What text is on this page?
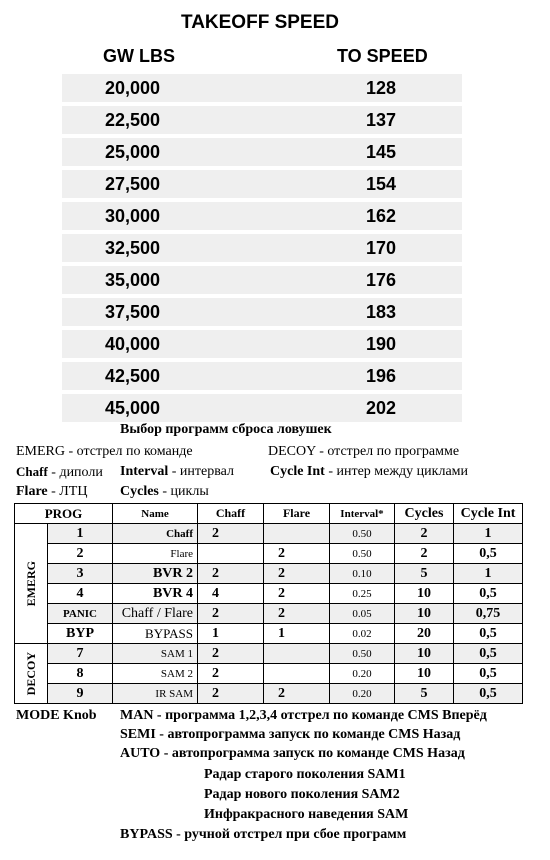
TAKEOFF SPEED
GW LBS	TO SPEED
20,000	128
22,500	137
25,000	145
27,500	154
30,000	162
32,500	170
35,000	176
37,500	183
40,000	190
42,500	196
45,000	202
Выбор программ сброса ловушек
EMERG - отстрел по команде	DECOY - отстрел по программе
Chaff - диполи Interval - интервал	Cycle Int - интер между циклами
Flare - ЛТЦ Cycles - циклы
PROG		Name	Chaff	Flare	Interval*	Cycles	Cycle Int

EMERG	1	Chaff	2		0.50	2	1
	2	Flare		2	0.50	2	0,5
	3	BVR 2	2	2	0.10	5	1
	4	BVR 4	4	2	0.25	10	0,5
	PANIC	Chaff / Flare	2	2	0.05	10	0,75
	BYP	BYPASS	1	1	0.02	20	0,5

DECOY	7	SAM 1	2		0.50	10	0,5
	8	SAM 2	2		0.20	10	0,5
	9	IR SAM	2	2	0.20	5	0,5
MODE Knob MAN - программа 1,2,3,4 отстрел по команде CMS Вперёд
SEMI - автопрограмма запуск по команде CMS Назад
AUTO - автопрограмма запуск по команде CMS Назад
Радар старого поколения SAM1
Радар нового поколения SAM2
Инфракрасного наведения SAM
BYPASS - ручной отстрел при сбое программ
